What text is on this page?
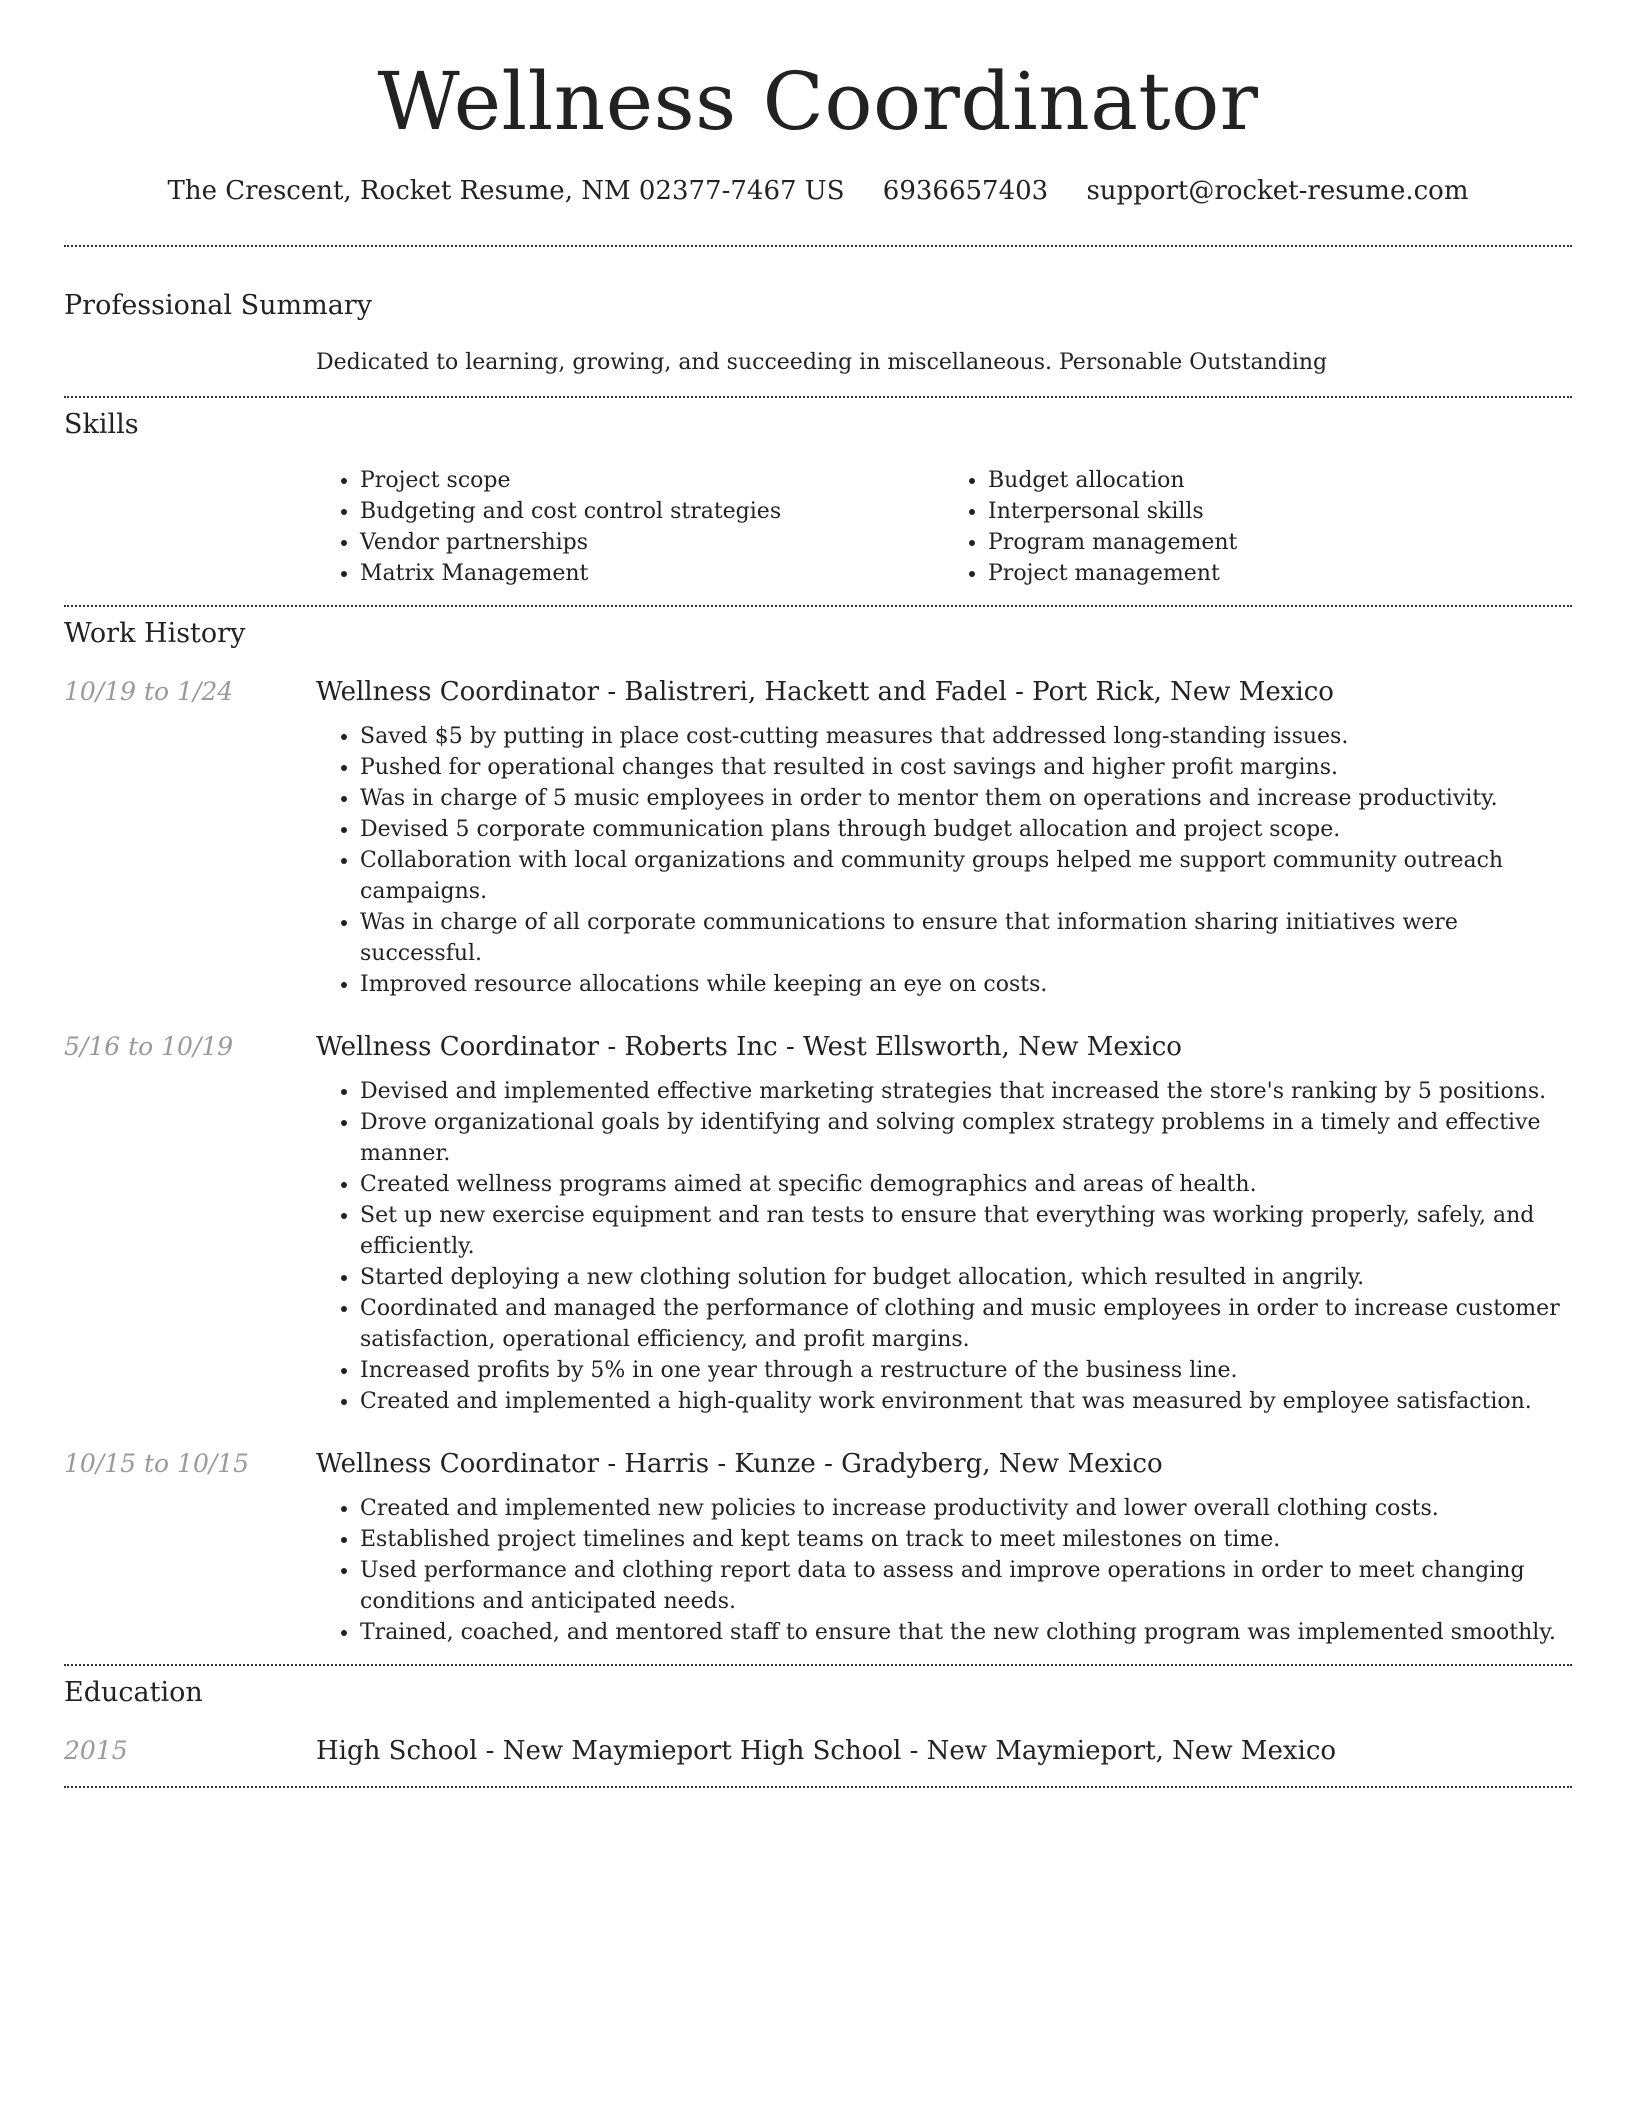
Wellness Coordinator
The Crescent, Rocket Resume, NM 02377-7467 US 6936657403 support@rocket-resume.com
Professional Summary
Dedicated to learning, growing, and succeeding in miscellaneous. Personable Outstanding
Skills
• Project scope
• Budgeting and cost control strategies
• Vendor partnerships
• Matrix Management
• Budget allocation
• Interpersonal skills
• Program management
• Project management
Work History
10/19 to 1/24	Wellness Coordinator - Balistreri, Hackett and Fadel - Port Rick, New Mexico
• Saved $5 by putting in place cost-cutting measures that addressed long-standing issues.
• Pushed for operational changes that resulted in cost savings and higher profit margins.
• Was in charge of 5 music employees in order to mentor them on operations and increase productivity.
• Devised 5 corporate communication plans through budget allocation and project scope.
• Collaboration with local organizations and community groups helped me support community outreach campaigns.
• Was in charge of all corporate communications to ensure that information sharing initiatives were successful.
• Improved resource allocations while keeping an eye on costs.
5/16 to 10/19	Wellness Coordinator - Roberts Inc - West Ellsworth, New Mexico
• Devised and implemented effective marketing strategies that increased the store's ranking by 5 positions.
• Drove organizational goals by identifying and solving complex strategy problems in a timely and effective manner.
• Created wellness programs aimed at specific demographics and areas of health.
• Set up new exercise equipment and ran tests to ensure that everything was working properly, safely, and efficiently.
• Started deploying a new clothing solution for budget allocation, which resulted in angrily.
• Coordinated and managed the performance of clothing and music employees in order to increase customer satisfaction, operational efficiency, and profit margins.
• Increased profits by 5% in one year through a restructure of the business line.
• Created and implemented a high-quality work environment that was measured by employee satisfaction.
10/15 to 10/15	Wellness Coordinator - Harris - Kunze - Gradyberg, New Mexico
• Created and implemented new policies to increase productivity and lower overall clothing costs.
• Established project timelines and kept teams on track to meet milestones on time.
• Used performance and clothing report data to assess and improve operations in order to meet changing conditions and anticipated needs.
• Trained, coached, and mentored staff to ensure that the new clothing program was implemented smoothly.
Education
2015	High School - New Maymieport High School - New Maymieport, New Mexico
